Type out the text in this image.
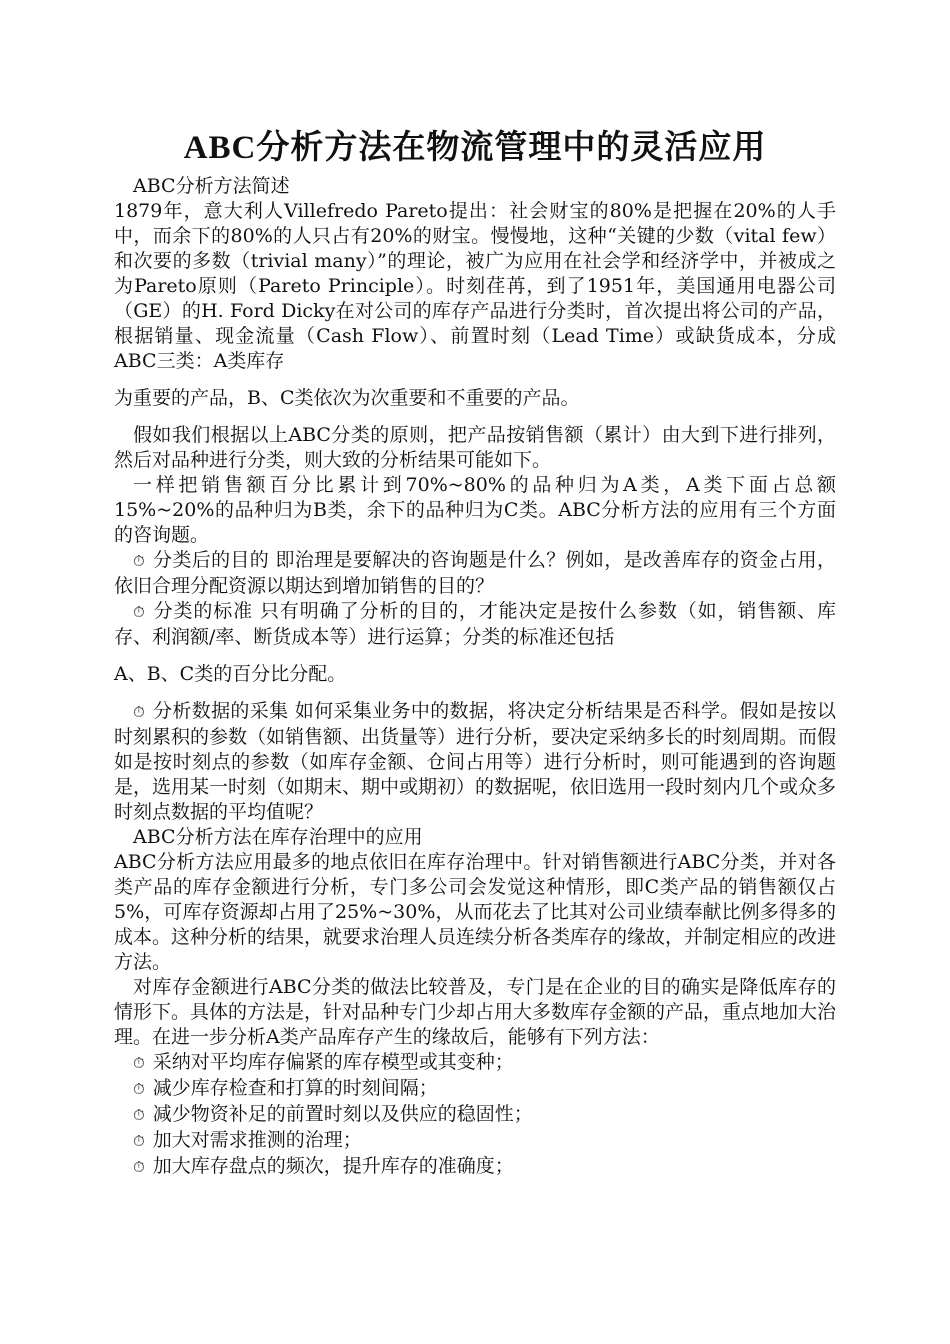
ABC分析方法在物流管理中的灵活应用

ABC分析方法简述

1879年，意大利人Villefredo Pareto提出：社会财宝的80%是把握在20%的人手中，而余下的80%的人只占有20%的财宝。慢慢地，这种“关键的少数（vital few）和次要的多数（trivial many）”的理论，被广为应用在社会学和经济学中，并被成之为Pareto原则（Pareto Principle）。时刻荏苒，到了1951年，美国通用电器公司（GE）的H. Ford Dicky在对公司的库存产品进行分类时，首次提出将公司的产品，根据销量、现金流量（Cash Flow）、前置时刻（Lead Time）或缺货成本，分成ABC三类：A类库存

为重要的产品，B、C类依次为次重要和不重要的产品。

假如我们根据以上ABC分类的原则，把产品按销售额（累计）由大到下进行排列，然后对品种进行分类，则大致的分析结果可能如下。

一样把销售额百分比累计到70%~80%的品种归为A类，A类下面占总额15%~20%的品种归为B类，余下的品种归为C类。ABC分析方法的应用有三个方面的咨询题。

⏱ 分类后的目的 即治理是要解决的咨询题是什么？例如，是改善库存的资金占用，依旧合理分配资源以期达到增加销售的目的？

⏱ 分类的标准 只有明确了分析的目的，才能决定是按什么参数（如，销售额、库存、利润额/率、断货成本等）进行运算；分类的标准还包括

A、B、C类的百分比分配。

⏱ 分析数据的采集 如何采集业务中的数据，将决定分析结果是否科学。假如是按以时刻累积的参数（如销售额、出货量等）进行分析，要决定采纳多长的时刻周期。而假如是按时刻点的参数（如库存金额、仓间占用等）进行分析时，则可能遇到的咨询题是，选用某一时刻（如期末、期中或期初）的数据呢，依旧选用一段时刻内几个或众多时刻点数据的平均值呢？

ABC分析方法在库存治理中的应用

ABC分析方法应用最多的地点依旧在库存治理中。针对销售额进行ABC分类，并对各类产品的库存金额进行分析，专门多公司会发觉这种情形，即C类产品的销售额仅占5%，可库存资源却占用了25%~30%，从而花去了比其对公司业绩奉献比例多得多的成本。这种分析的结果，就要求治理人员连续分析各类库存的缘故，并制定相应的改进方法。

对库存金额进行ABC分类的做法比较普及，专门是在企业的目的确实是降低库存的情形下。具体的方法是，针对品种专门少却占用大多数库存金额的产品，重点地加大治理。在进一步分析A类产品库存产生的缘故后，能够有下列方法：

⏱ 采纳对平均库存偏紧的库存模型或其变种；

⏱ 减少库存检查和打算的时刻间隔；

⏱ 减少物资补足的前置时刻以及供应的稳固性；

⏱ 加大对需求推测的治理；

⏱ 加大库存盘点的频次，提升库存的准确度；
